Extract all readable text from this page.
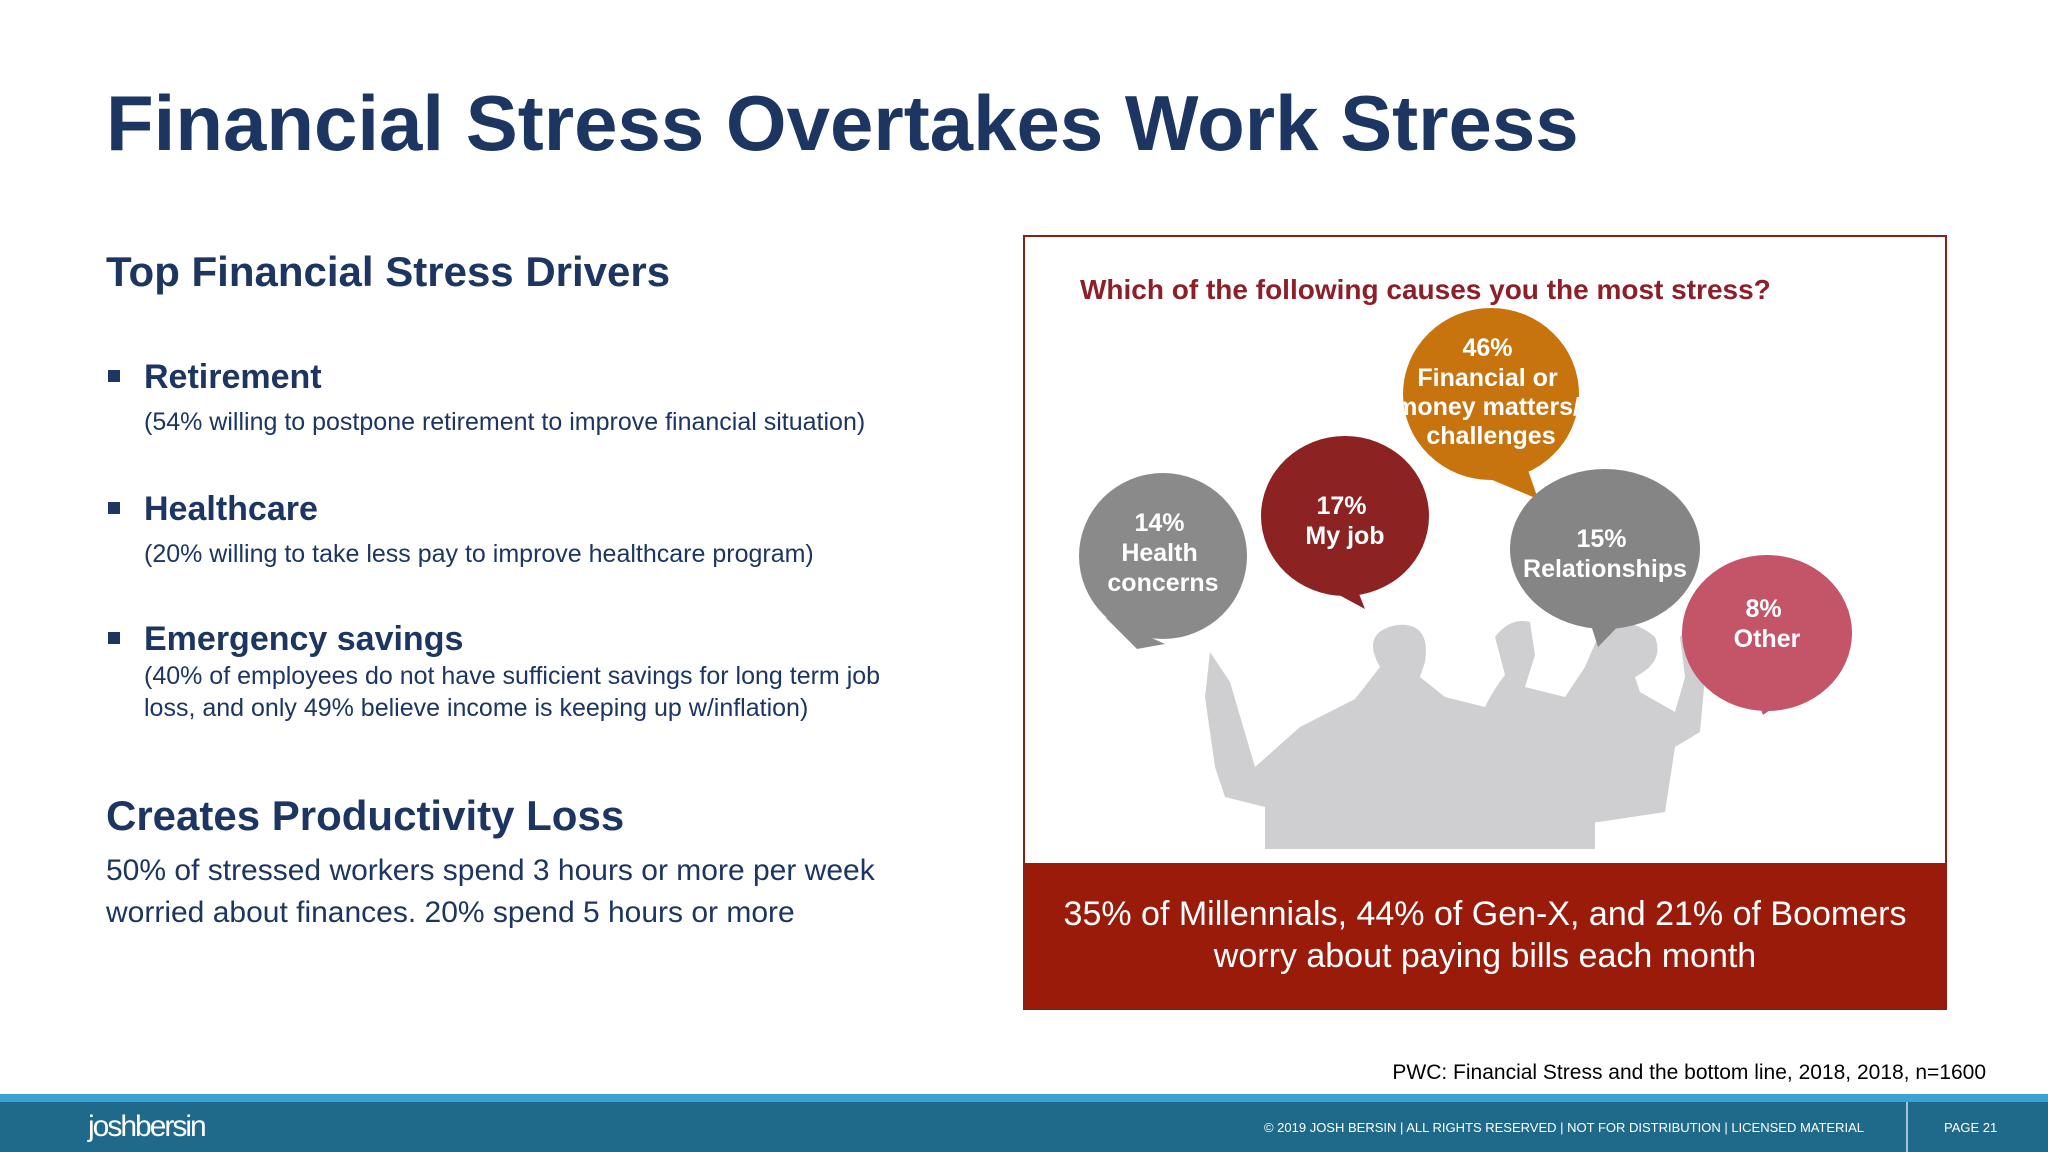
Financial Stress Overtakes Work Stress
Top Financial Stress Drivers
Retirement
(54% willing to postpone retirement to improve financial situation)
Healthcare
(20% willing to take less pay to improve healthcare program)
Emergency savings
(40% of employees do not have sufficient savings for long term job loss, and only 49% believe income is keeping up w/inflation)
Creates Productivity Loss
50% of stressed workers spend 3 hours or more per week worried about finances. 20% spend 5 hours or more
Which of the following causes you the most stress?
14% Health concerns
17% My job
46% Financial or money matters/ challenges
15% Relationships
8% Other
35% of Millennials, 44% of Gen-X, and 21% of Boomers worry about paying bills each month
PWC: Financial Stress and the bottom line, 2018, 2018, n=1600
joshbersin	© 2019 JOSH BERSIN | ALL RIGHTS RESERVED | NOT FOR DISTRIBUTION | LICENSED MATERIAL	PAGE 21
